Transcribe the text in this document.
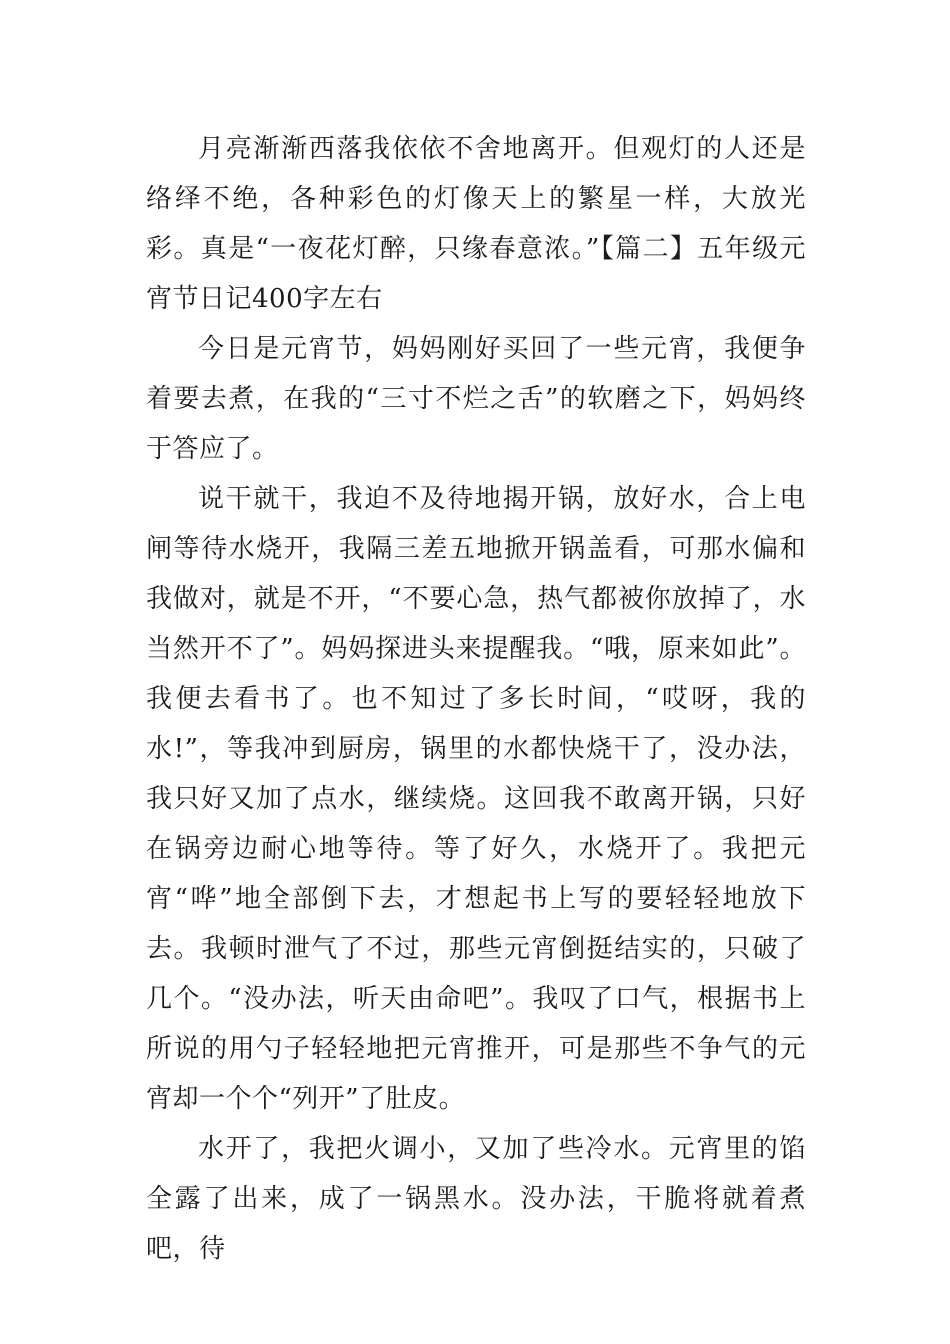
月亮渐渐西落我依依不舍地离开。但观灯的人还是络绎不绝，各种彩色的灯像天上的繁星一样，大放光彩。真是“一夜花灯醉，只缘春意浓。”【篇二】五年级元宵节日记400字左右

今日是元宵节，妈妈刚好买回了一些元宵，我便争着要去煮，在我的“三寸不烂之舌”的软磨之下，妈妈终于答应了。

说干就干，我迫不及待地揭开锅，放好水，合上电闸等待水烧开，我隔三差五地掀开锅盖看，可那水偏和我做对，就是不开，“不要心急，热气都被你放掉了，水当然开不了”。妈妈探进头来提醒我。“哦，原来如此”。我便去看书了。也不知过了多长时间，“哎呀，我的水!”，等我冲到厨房，锅里的水都快烧干了，没办法，我只好又加了点水，继续烧。这回我不敢离开锅，只好在锅旁边耐心地等待。等了好久，水烧开了。我把元宵“哗”地全部倒下去，才想起书上写的要轻轻地放下去。我顿时泄气了不过，那些元宵倒挺结实的，只破了几个。“没办法，听天由命吧”。我叹了口气，根据书上所说的用勺子轻轻地把元宵推开，可是那些不争气的元宵却一个个“列开”了肚皮。

水开了，我把火调小，又加了些冷水。元宵里的馅全露了出来，成了一锅黑水。没办法，干脆将就着煮吧，待
